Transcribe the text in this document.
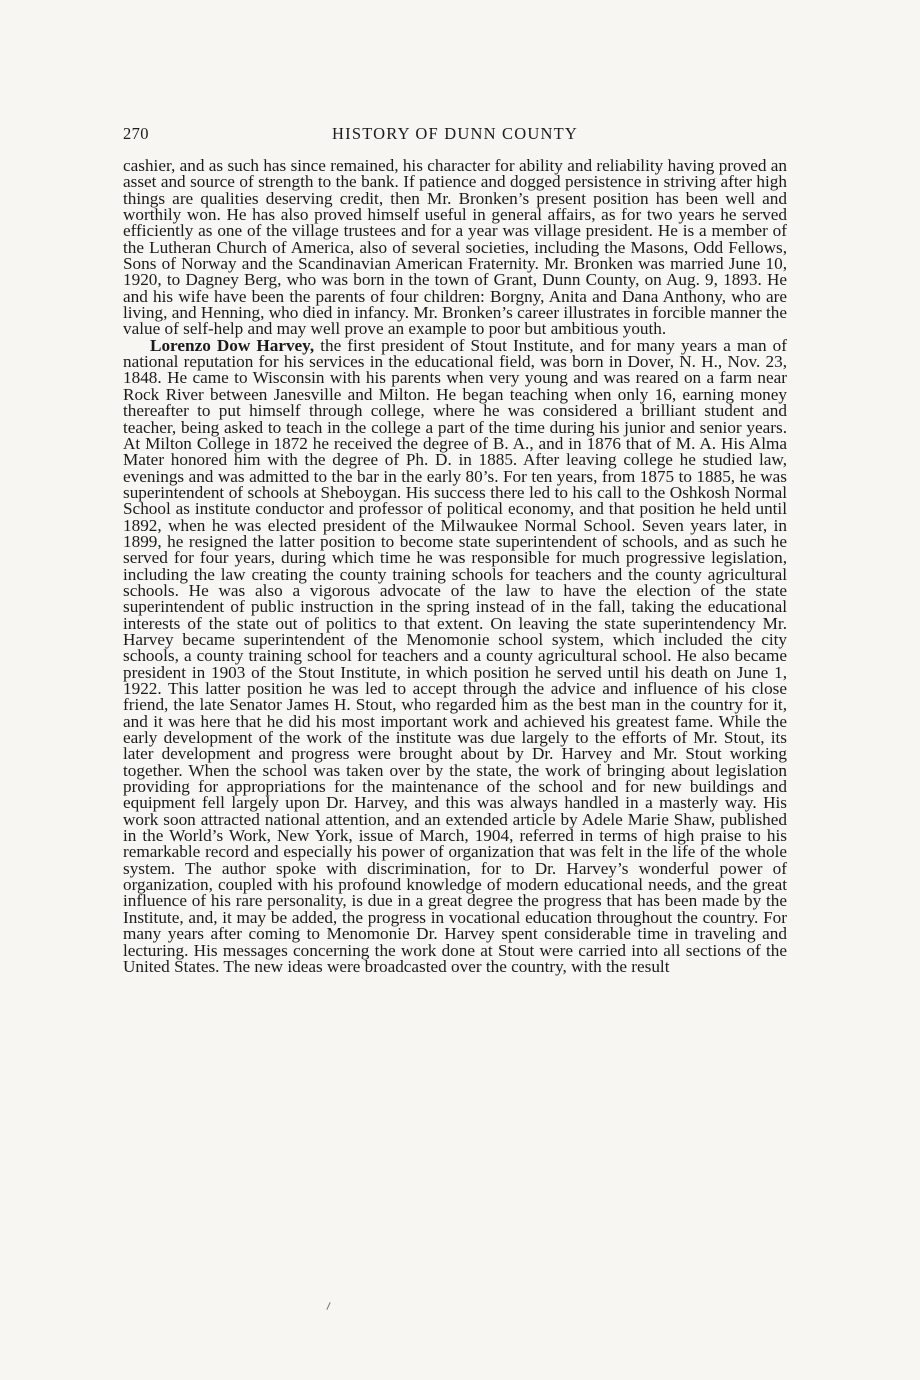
270	HISTORY OF DUNN COUNTY

cashier, and as such has since remained, his character for ability and reliability having proved an asset and source of strength to the bank. If patience and dogged persistence in striving after high things are qualities deserving credit, then Mr. Bronken’s present position has been well and worthily won. He has also proved himself useful in general affairs, as for two years he served efficiently as one of the village trustees and for a year was village president. He is a member of the Lutheran Church of America, also of several societies, including the Masons, Odd Fellows, Sons of Norway and the Scandinavian American Fraternity. Mr. Bronken was married June 10, 1920, to Dagney Berg, who was born in the town of Grant, Dunn County, on Aug. 9, 1893. He and his wife have been the parents of four children: Borgny, Anita and Dana Anthony, who are living, and Henning, who died in infancy. Mr. Bronken’s career illustrates in forcible manner the value of self-help and may well prove an example to poor but ambitious youth.

Lorenzo Dow Harvey, the first president of Stout Institute, and for many years a man of national reputation for his services in the educational field, was born in Dover, N. H., Nov. 23, 1848. He came to Wisconsin with his parents when very young and was reared on a farm near Rock River between Janesville and Milton. He began teaching when only 16, earning money thereafter to put himself through college, where he was considered a brilliant student and teacher, being asked to teach in the college a part of the time during his junior and senior years. At Milton College in 1872 he received the degree of B. A., and in 1876 that of M. A. His Alma Mater honored him with the degree of Ph. D. in 1885. After leaving college he studied law, evenings and was admitted to the bar in the early 80’s. For ten years, from 1875 to 1885, he was superintendent of schools at Sheboygan. His success there led to his call to the Oshkosh Normal School as institute conductor and professor of political economy, and that position he held until 1892, when he was elected president of the Milwaukee Normal School. Seven years later, in 1899, he resigned the latter position to become state superintendent of schools, and as such he served for four years, during which time he was responsible for much progressive legislation, including the law creating the county training schools for teachers and the county agricultural schools. He was also a vigorous advocate of the law to have the election of the state superintendent of public instruction in the spring instead of in the fall, taking the educational interests of the state out of politics to that extent. On leaving the state superintendency Mr. Harvey became superintendent of the Menomonie school system, which included the city schools, a county training school for teachers and a county agricultural school. He also became president in 1903 of the Stout Institute, in which position he served until his death on June 1, 1922. This latter position he was led to accept through the advice and influence of his close friend, the late Senator James H. Stout, who regarded him as the best man in the country for it, and it was here that he did his most important work and achieved his greatest fame. While the early development of the work of the institute was due largely to the efforts of Mr. Stout, its later development and progress were brought about by Dr. Harvey and Mr. Stout working together. When the school was taken over by the state, the work of bringing about legislation providing for appropriations for the maintenance of the school and for new buildings and equipment fell largely upon Dr. Harvey, and this was always handled in a masterly way. His work soon attracted national attention, and an extended article by Adele Marie Shaw, published in the World’s Work, New York, issue of March, 1904, referred in terms of high praise to his remarkable record and especially his power of organization that was felt in the life of the whole system. The author spoke with discrimination, for to Dr. Harvey’s wonderful power of organization, coupled with his profound knowledge of modern educational needs, and the great influence of his rare personality, is due in a great degree the progress that has been made by the Institute, and, it may be added, the progress in vocational education throughout the country. For many years after coming to Menomonie Dr. Harvey spent considerable time in traveling and lecturing. His messages concerning the work done at Stout were carried into all sections of the United States. The new ideas were broadcasted over the country, with the result
